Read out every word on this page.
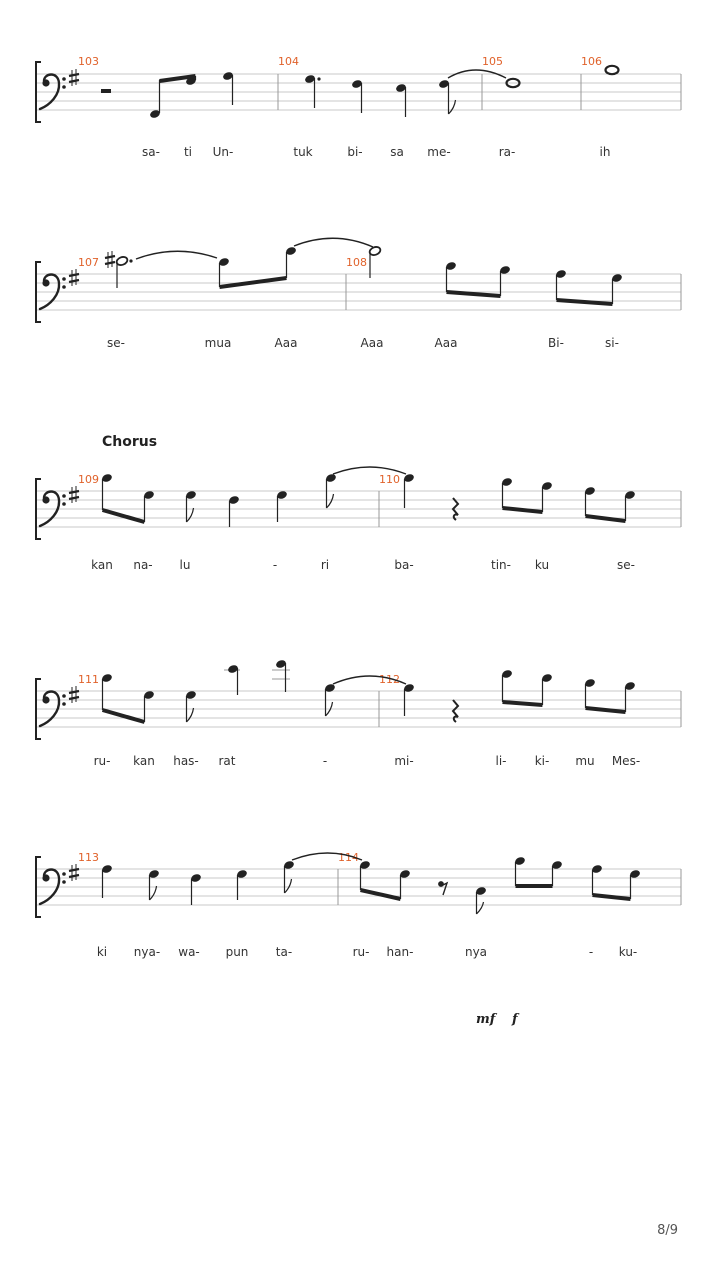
103	104	105	106
sa- ti Un-	tuk	bi- sa me-	ra-	ih
107	108
se-	mua	Aaa	Aaa	Aaa	Bi-	si-
Chorus
109	110
kan na- lu	-	ri	ba-	tin- ku	se-
111	112
ru- kan has- rat	-	mi-	li- ki- mu Mes-
113	114
ki nya- wa- pun ta-	ru- han-	nya	- ku-
mf f
8/9
